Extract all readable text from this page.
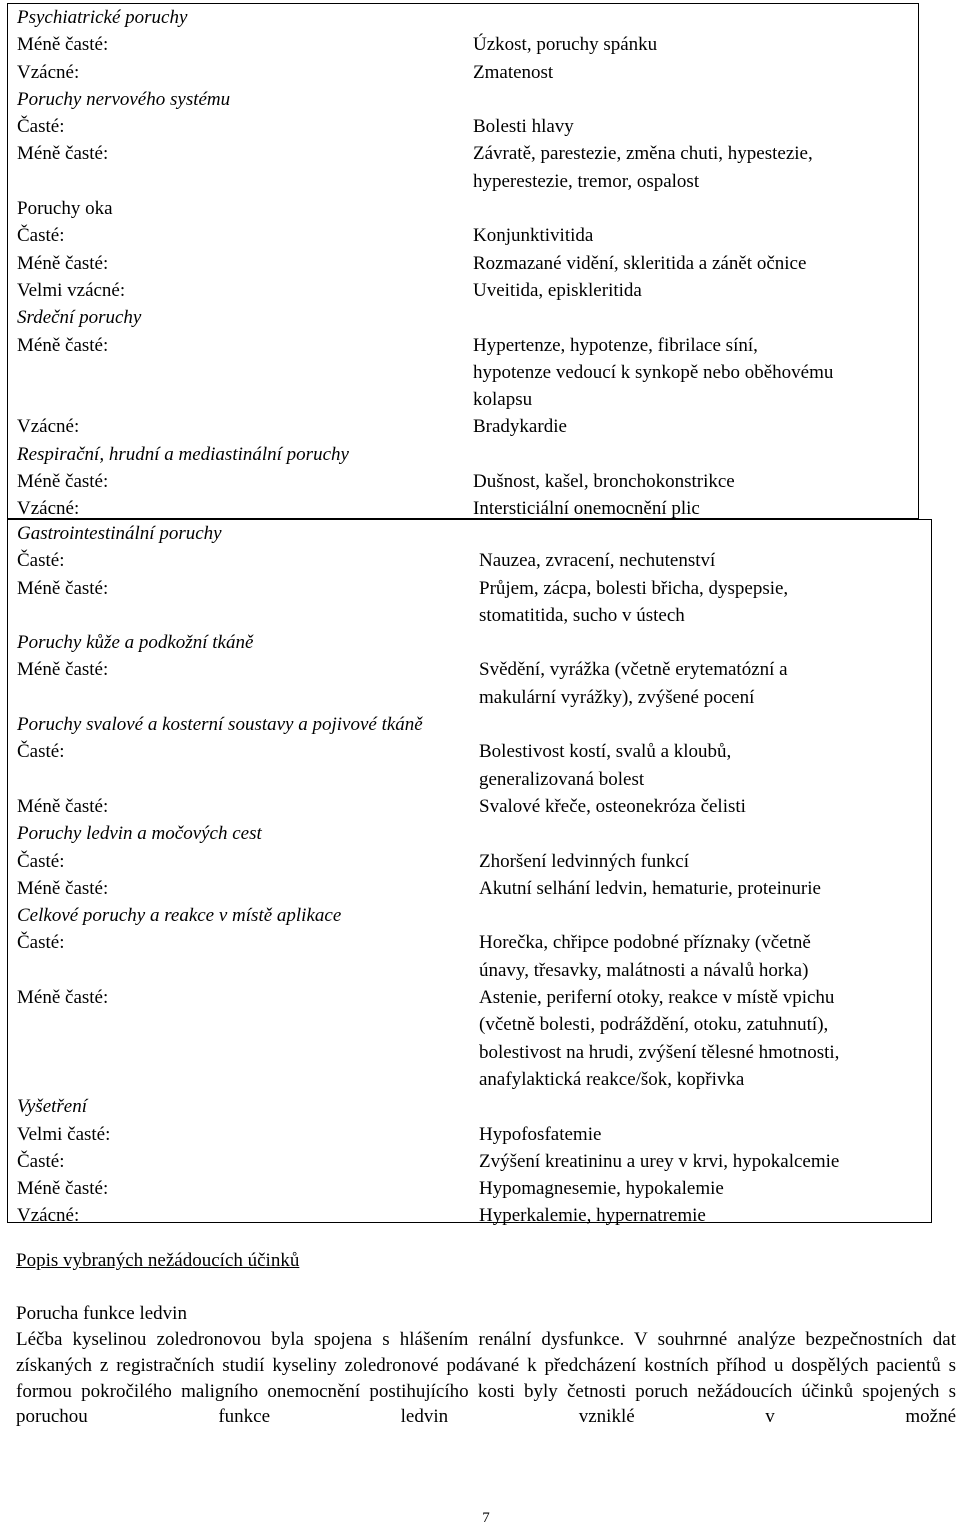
Psychiatrické poruchy
Méně časté:	Úzkost, poruchy spánku
Vzácné:	Zmatenost
Poruchy nervového systému
Časté:	Bolesti hlavy
Méně časté:	Závratě, parestezie, změna chuti, hypestezie,
hyperestezie, tremor, ospalost
Poruchy oka
Časté:	Konjunktivitida
Méně časté:	Rozmazané vidění, skleritida a zánět očnice
Velmi vzácné:	Uveitida, episkleritida
Srdeční poruchy
Méně časté:	Hypertenze, hypotenze, fibrilace síní,
hypotenze vedoucí k synkopě nebo oběhovému
kolapsu
Vzácné:	Bradykardie
Respirační, hrudní a mediastinální poruchy
Méně časté:	Dušnost, kašel, bronchokonstrikce
Vzácné:	Intersticiální onemocnění plic
Gastrointestinální poruchy
Časté:	Nauzea, zvracení, nechutenství
Méně časté:	Průjem, zácpa, bolesti břicha, dyspepsie,
stomatitida, sucho v ústech
Poruchy kůže a podkožní tkáně
Méně časté:	Svědění, vyrážka (včetně erytematózní a
makulární vyrážky), zvýšené pocení
Poruchy svalové a kosterní soustavy a pojivové tkáně
Časté:	Bolestivost kostí, svalů a kloubů,
generalizovaná bolest
Méně časté:	Svalové křeče, osteonekróza čelisti
Poruchy ledvin a močových cest
Časté:	Zhoršení ledvinných funkcí
Méně časté:	Akutní selhání ledvin, hematurie, proteinurie
Celkové poruchy a reakce v místě aplikace
Časté:	Horečka, chřipce podobné příznaky (včetně
únavy, třesavky, malátnosti a návalů horka)
Méně časté:	Astenie, periferní otoky, reakce v místě vpichu
(včetně bolesti, podráždění, otoku, zatuhnutí),
bolestivost na hrudi, zvýšení tělesné hmotnosti,
anafylaktická reakce/šok, kopřivka
Vyšetření
Velmi časté:	Hypofosfatemie
Časté:	Zvýšení kreatininu a urey v krvi, hypokalcemie
Méně časté:	Hypomagnesemie, hypokalemie
Vzácné:	Hyperkalemie, hypernatremie
Popis vybraných nežádoucích účinků
Porucha funkce ledvin
Léčba kyselinou zoledronovou byla spojena s hlášením renální dysfunkce. V souhrnné analýze bezpečnostních dat získaných z registračních studií kyseliny zoledronové podávané k předcházení kostních příhod u dospělých pacientů s formou pokročilého maligního onemocnění postihujícího kosti byly četnosti poruch nežádoucích účinků spojených s poruchou funkce ledvin vzniklé v možné
7
